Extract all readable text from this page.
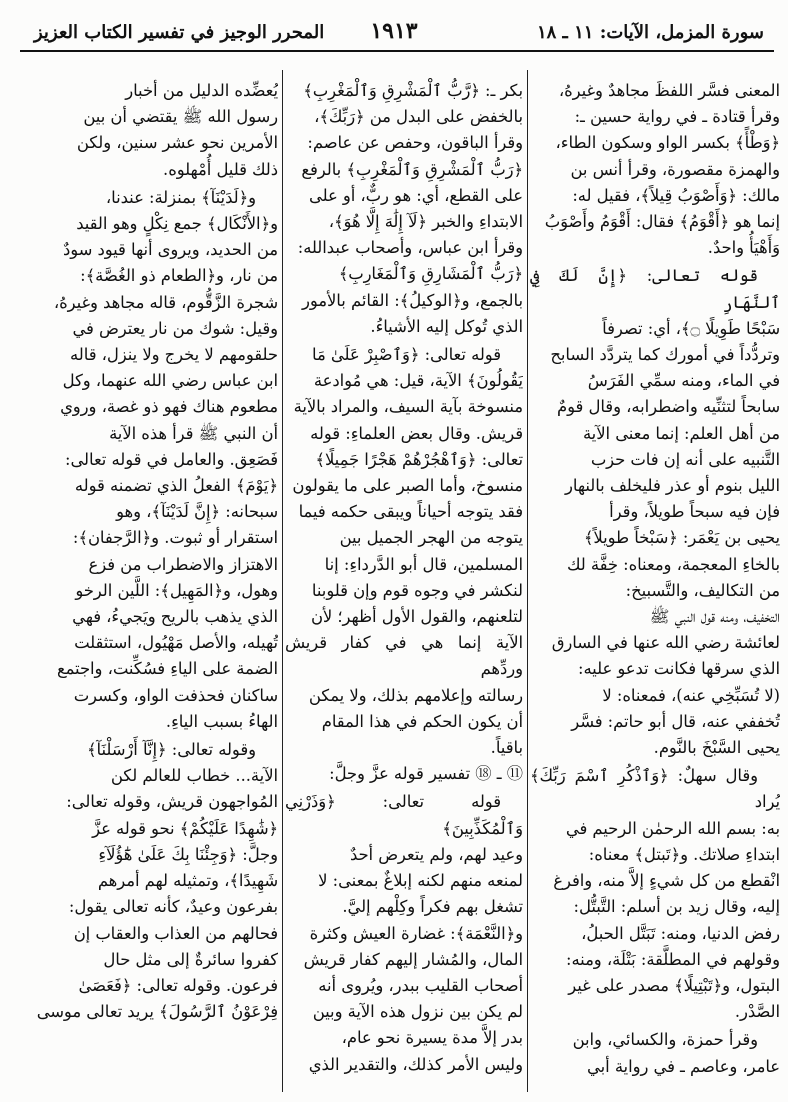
سورة المزمل، الآيات: ١١ ـ ١٨
١٩١٣
المحرر الوجيز في تفسير الكتاب العزيز

المعنى فسَّر اللفظَ مجاهدٌ وغيرهُ،

وقرأ قتادة ـ في رواية حسين ـ:

﴿وَطْأً﴾ بكسر الواو وسكون الطاء،

والهمزة مقصورة، وقرأ أنس بن

مالك: ﴿وَأَصْوَبُ قِيلاً﴾، فقيل له:

إنما هو ﴿أَقْوَمُ﴾ فقال: أَقْوَمُ وأَصْوَبُ

وَأَهْيَأُ واحدٌ.

قوله تعالى: ﴿إِنَّ لَكَ فِي ٱلنَّهَارِ

سَبْحًا طَوِيلًا ۝﴾، أي: تصرفاً

وتردُّداً في أمورك كما يتردَّد السابح

في الماء، ومنه سمِّي الفَرَسُ

سابحاً لتثنِّيه واضطرابه، وقال قومٌ

من أهل العلم: إنما معنى الآية

التَّنبيه على أنه إن فات حزب

الليل بنوم أو عذر فليخلف بالنهار

فإن فيه سبحاً طويلاً، وقرأ

يحيى بن يَعْمَر: ﴿سَبْخاً طويلاً﴾

بالخاءِ المعجمة، ومعناه: خِفَّة لك

من التكاليف، والتَّسبيخ:

التخفيف، ومنه قول النبي ﷺ

لعائشة رضي الله عنها في السارق

الذي سرقها فكانت تدعو عليه:

(لا تُسَبِّخِي عنه)، فمعناه: لا

تُخففي عنه، قال أبو حاتم: فسَّر

يحيى السَّبْخَ بالنَّوم.

وقال سهلٌ: ﴿وَٱذْكُرِ ٱسْمَ رَبِّكَ﴾ يُراد

به: بسم الله الرحمٰن الرحيم في

ابتداءِ صلاتك. و﴿تَبتل﴾ معناه:

انْقطع من كل شيءٍ إلاَّ منه، وافرغ

إليه، وقال زيد بن أسلم: التَّبتُّل:

رفض الدنيا، ومنه: تَبَتَّل الحبلُ،

وقولهم في المطلَّقة: بَتْلَة، ومنه:

البتول، و﴿تَبْتِيلًا﴾ مصدر على غير

الصَّدْر.

وقرأ حمزة، والكسائي، وابن

عامر، وعاصم ـ في رواية أبي

بكر ـ: ﴿رَّبُّ ٱلْمَشْرِقِ وَٱلْمَغْرِبِ﴾

بالخفض على البدل من ﴿رَبِّكَ﴾،

وقرأ الباقون، وحفص عن عاصم:

﴿رَبُّ ٱلْمَشْرِقِ وَٱلْمَغْرِبِ﴾ بالرفع

على القطع، أي: هو ربٌّ، أو على

الابتداءِ والخبر ﴿لَآ إِلَٰهَ إِلَّا هُوَ﴾،

وقرأ ابن عباس، وأصحاب عبدالله:

﴿رَبُّ ٱلْمَشَارِقِ وَٱلْمَغَارِبِ﴾

بالجمع، و﴿الوكيلُ﴾: القائم بالأمور

الذي تُوكل إليه الأشياءُ.

قوله تعالى: ﴿وَٱصْبِرْ عَلَىٰ مَا

يَقُولُونَ﴾ الآية، قيل: هي مُوادعة

منسوخة بآية السيف، والمراد بالآية

قريش. وقال بعض العلماءِ: قوله

تعالى: ﴿وَٱهْجُرْهُمْ هَجْرًا جَمِيلًا﴾

منسوخ، وأما الصبر على ما يقولون

فقد يتوجه أحياناً ويبقى حكمه فيما

يتوجه من الهجر الجميل بين

المسلمين، قال أبو الدَّرداءِ: إنا

لنكشر في وجوه قوم وإن قلوبنا

لتلعنهم، والقول الأول أظهر؛ لأن

الآية إنما هي في كفار قريش وردِّهم

رسالته وإعلامهم بذلك، ولا يمكن

أن يكون الحكم في هذا المقام

باقياً.

⑪ ـ ⑱ تفسير قوله عزَّ وجلَّ:

قوله تعالى: ﴿وَذَرْنِي وَٱلْمُكَذِّبِينَ﴾

وعيد لهم، ولم يتعرض أحدٌ

لمنعه منهم لكنه إبلاغٌ بمعنى: لا

تشغل بهم فكراً وكِلْهم إليَّ.

و﴿النَّعْمَة﴾: غضارة العيش وكثرة

المال، والمُشار إليهم كفار قريش

أصحاب القليب ببدر، ويُروى أنه

لم يكن بين نزول هذه الآية وبين

بدر إلاَّ مدة يسيرة نحو عام،

وليس الأمر كذلك، والتقدير الذي

يُعضِّده الدليل من أخبار

رسول الله ﷺ يقتضي أن بين

الأمرين نحو عشر سنين، ولكن

ذلك قليل أُمْهلوه.

و﴿لَدَيْنَآ﴾ بمنزلة: عندنا،

و﴿الأَنْكَال﴾ جمع نِكْلٍ وهو القيد

من الحديد، ويروى أنها قيود سودٌ

من نار، و﴿الطعام ذو الغُصَّة﴾:

شجرة الزَّقُّوم، قاله مجاهد وغيرهُ،

وقيل: شوك من نار يعترض في

حلقومهم لا يخرج ولا ينزل، قاله

ابن عباس رضي الله عنهما، وكل

مطعوم هناك فهو ذو غصة، وروي

أن النبي ﷺ قرأ هذه الآية

فَصَعِق. والعامل في قوله تعالى:

﴿يَوْمَ﴾ الفعلُ الذي تضمنه قوله

سبحانه: ﴿إِنَّ لَدَيْنَآ﴾، وهو

استقرار أو ثبوت. و﴿الرَّجفان﴾:

الاهتزاز والاضطراب من فزع

وهول، و﴿المَهِيل﴾: اللَّين الرخو

الذي يذهب بالريح ويَجيءُ، فهي

تُهيله، والأصل مَهْيُول، استثقلت

الضمة على الياءِ فسُكِّنت، واجتمع

ساكنان فحذفت الواو، وكسرت

الهاءُ بسبب الياءِ.

وقوله تعالى: ﴿إِنَّآ أَرْسَلْنَآ﴾

الآية... خطاب للعالم لكن

المُواجهون قريش، وقوله تعالى:

﴿شَٰهِدًا عَلَيْكُمْ﴾ نحو قوله عزَّ

وجلَّ: ﴿وَجِئْنَا بِكَ عَلَىٰ هَٰٓؤُلَآءِ

شَهِيدًا﴾، وتمثيله لهم أمرهم

بفرعون وعيدٌ، كأنه تعالى يقول:

فحالهم من العذاب والعقاب إن

كفروا سائرةٌ إلى مثل حال

فرعون. وقوله تعالى: ﴿فَعَصَىٰ

فِرْعَوْنُ ٱلرَّسُولَ﴾ يريد تعالى موسى
